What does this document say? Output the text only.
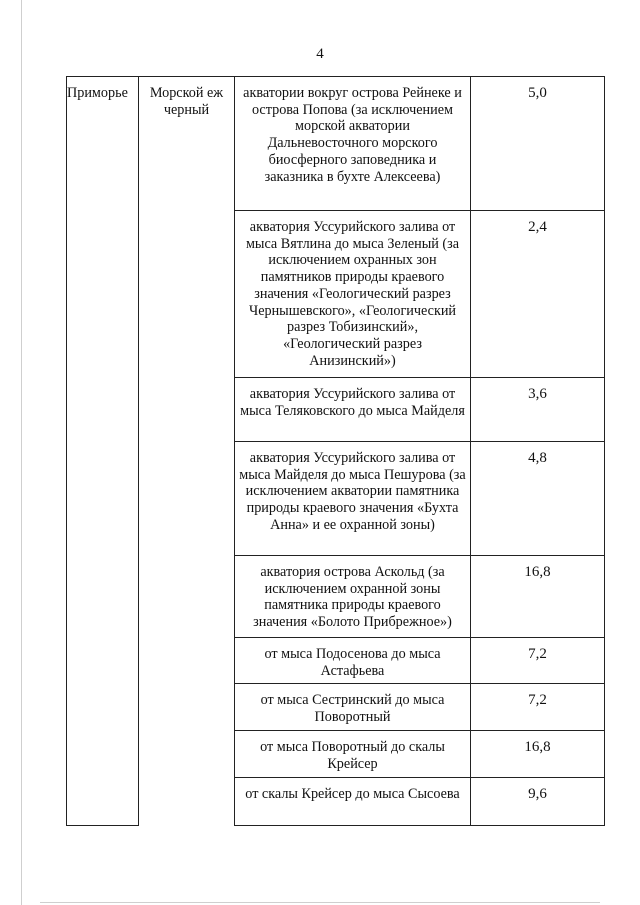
4
Приморье	Морской еж черный	акватории вокруг острова Рейнеке и острова Попова (за исключением морской акватории Дальневосточного морского биосферного заповедника и заказника в бухте Алексеева)	5,0
		акватория Уссурийского залива от мыса Вятлина до мыса Зеленый (за исключением охранных зон памятников природы краевого значения «Геологический разрез Чернышевского», «Геологический разрез Тобизинский», «Геологический разрез Анизинский»)	2,4
		акватория Уссурийского залива от мыса Теляковского до мыса Майделя	3,6
		акватория Уссурийского залива от мыса Майделя до мыса Пешурова (за исключением акватории памятника природы краевого значения «Бухта Анна» и ее охранной зоны)	4,8
		акватория острова Аскольд (за исключением охранной зоны памятника природы краевого значения «Болото Прибрежное»)	16,8
		от мыса Подосенова до мыса Астафьева	7,2
		от мыса Сестринский до мыса Поворотный	7,2
		от мыса Поворотный до скалы Крейсер	16,8
		от скалы Крейсер до мыса Сысоева	9,6
